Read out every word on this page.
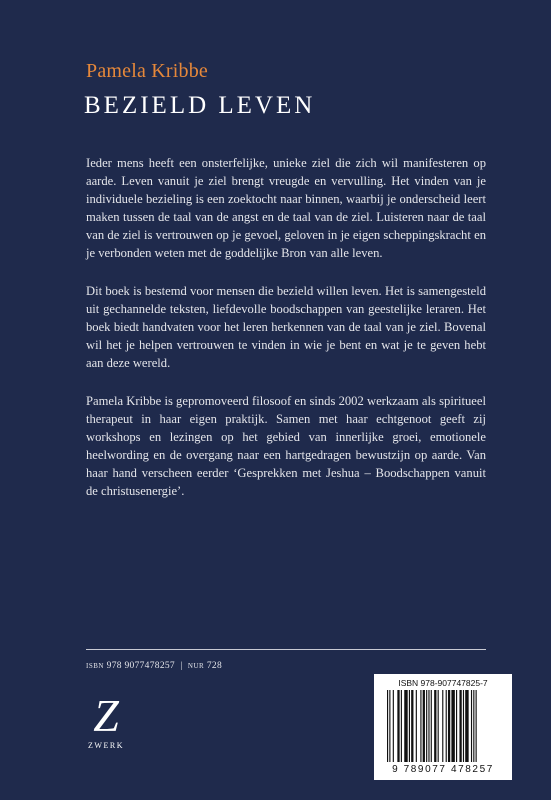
Pamela Kribbe
BEZIELD LEVEN

Ieder mens heeft een onsterfelijke, unieke ziel die zich wil manifesteren op aarde. Leven vanuit je ziel brengt vreugde en vervulling. Het vinden van je individuele bezieling is een zoektocht naar binnen, waarbij je onderscheid leert maken tussen de taal van de angst en de taal van de ziel. Luisteren naar de taal van de ziel is vertrouwen op je gevoel, geloven in je eigen scheppingskracht en je verbonden weten met de goddelijke Bron van alle leven.

Dit boek is bestemd voor mensen die bezield willen leven. Het is samengesteld uit gechannelde teksten, liefdevolle boodschappen van geestelijke leraren. Het boek biedt handvaten voor het leren herkennen van de taal van je ziel. Bovenal wil het je helpen vertrouwen te vinden in wie je bent en wat je te geven hebt aan deze wereld.

Pamela Kribbe is gepromoveerd filosoof en sinds 2002 werkzaam als spiritueel therapeut in haar eigen praktijk. Samen met haar echtgenoot geeft zij workshops en lezingen op het gebied van innerlijke groei, emotionele heelwording en de overgang naar een hartgedragen bewustzijn op aarde. Van haar hand verscheen eerder ‘Gesprekken met Jeshua – Boodschappen vanuit de christusenergie’.

ISBN 978 9077478257  |  NUR 728
Z
ZWERK
ISBN 978-907747825-7
9 789077 478257
